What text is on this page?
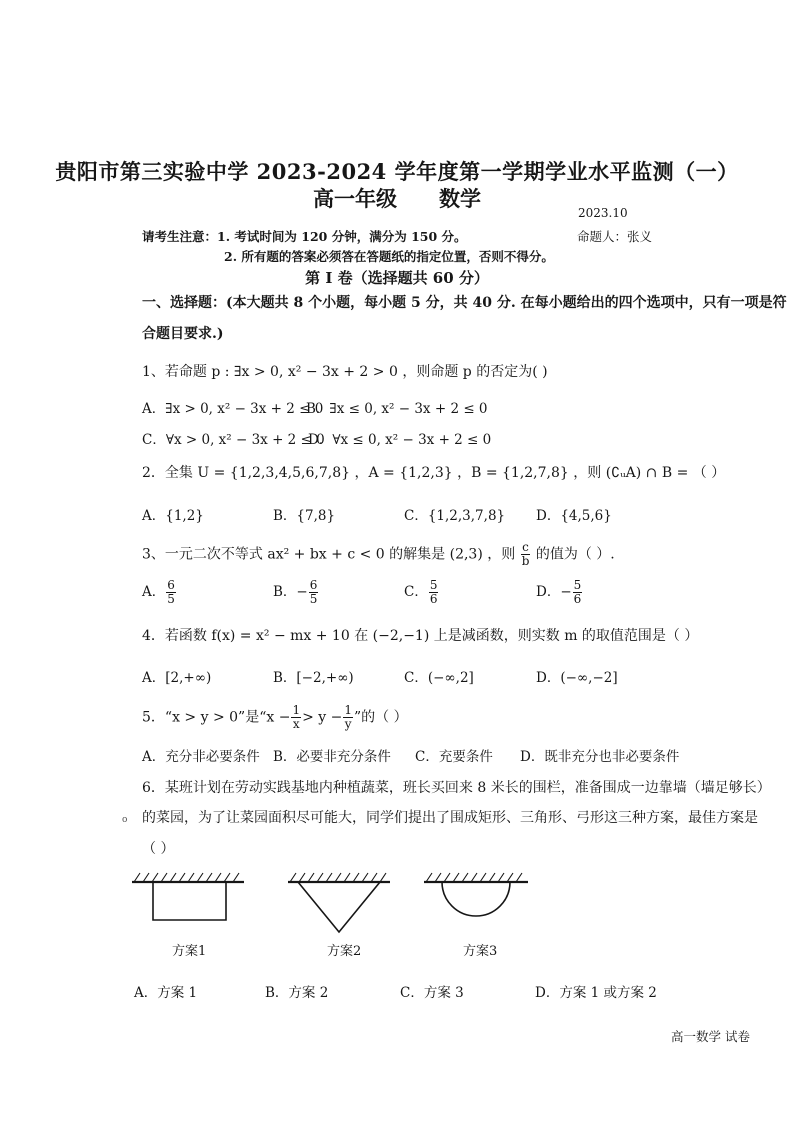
贵阳市第三实验中学 2023-2024 学年度第一学期学业水平监测（一）
高一年级 数学
2023.10
请考生注意：1. 考试时间为 120 分钟，满分为 150 分。	命题人：张义
2. 所有题的答案必须答在答题纸的指定位置，否则不得分。
第 I 卷（选择题共 60 分）
一、选择题：(本大题共 8 个小题，每小题 5 分，共 40 分. 在每小题给出的四个选项中，只有一项是符
合题目要求.)
1、若命题 p : ∃x > 0, x² − 3x + 2 > 0 ，则命题 p 的否定为( )
A．∃x > 0, x² − 3x + 2 ≤ 0
B．∃x ≤ 0, x² − 3x + 2 ≤ 0
C．∀x > 0, x² − 3x + 2 ≤ 0
D．∀x ≤ 0, x² − 3x + 2 ≤ 0
2．全集 U = {1,2,3,4,5,6,7,8} ，A = {1,2,3} ，B = {1,2,7,8} ，则 (∁ᵤA) ∩ B = （ ）
A．{1,2}	B．{7,8}	C．{1,2,3,7,8} D．{4,5,6}
3、一元二次不等式 ax² + bx + c < 0 的解集是 (2,3) ，则 $\frac{c}{b}$ 的值为（ ）.
A． $\frac{6}{5}$	B．− $\frac{6}{5}$	C． $\frac{5}{6}$	D．− $\frac{5}{6}$
4．若函数 f(x) = x² − mx + 10 在 (−2,−1) 上是减函数，则实数 m 的取值范围是（ ）
A．[2,+∞)	B．[−2,+∞)	C．(−∞,2]	D．(−∞,−2]
5．“x > y > 0”是“$x - \frac{1}{x} > y - \frac{1}{y}$ ”的（ ）
A．充分非必要条件 B．必要非充分条件 C．充要条件 D．既非充分也非必要条件
6．某班计划在劳动实践基地内种植蔬菜，班长买回来 8 米长的围栏，准备围成一边靠墙（墙足够长）
ο 的菜园，为了让菜园面积尽可能大，同学们提出了围成矩形、三角形、弓形这三种方案，最佳方案是
（ ）
方案1	方案2	方案3
A．方案 1	B．方案 2	C．方案 3	D．方案 1 或方案 2
高一数学 试卷
